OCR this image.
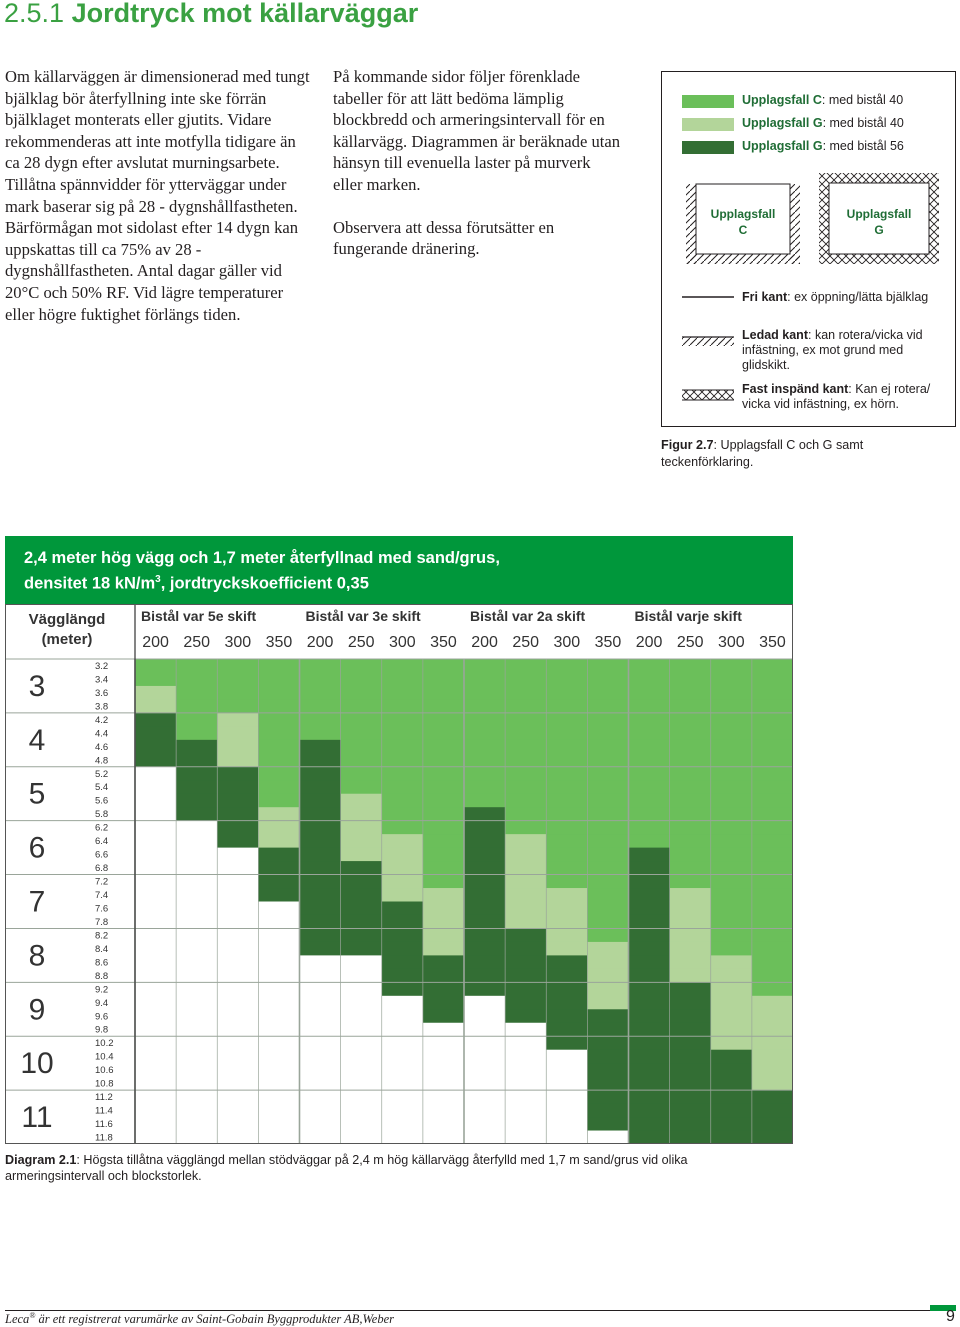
2.5.1 Jordtryck mot källarväggar

Om källarväggen är dimensionerad med tungt bjälklag bör återfyllning inte ske förrän bjälklaget monterats eller gjutits. Vidare rekommenderas att inte motfylla tidigare än ca 28 dygn efter avslutat murningsarbete. Tillåtna spännvidder för ytterväggar under mark baserar sig på 28 - dygnshållfastheten. Bärförmågan mot sidolast efter 14 dygn kan uppskattas till ca 75% av 28 - dygnshållfastheten. Antal dagar gäller vid 20°C och 50% RF. Vid lägre temperaturer eller högre fuktighet förlängs tiden.

På kommande sidor följer förenklade tabeller för att lätt bedöma lämplig blockbredd och armeringsintervall för en källarvägg. Diagrammen är beräknade utan hänsyn till evenuella laster på murverk eller marken.

Observera att dessa förutsätter en fungerande dränering.

Upplagsfall C: med bistål 40
Upplagsfall G: med bistål 40
Upplagsfall G: med bistål 56
Upplagsfall
C
Upplagsfall
G
Fri kant: ex öppning/lätta bjälklag
Ledad kant: kan rotera/vicka vid infästning, ex mot grund med glidskikt.
Fast inspänd kant: Kan ej rotera/ vicka vid infästning, ex hörn.
Figur 2.7: Upplagsfall C och G samt teckenförklaring.
2,4 meter hög vägg och 1,7 meter återfyllnad med sand/grus,
densitet 18 $kN/m^3$, jordtryckskoefficient 0,35
Vägglängd
(meter)
Bistål var 5e skift
200 250 300 350
Bistål var 3e skift
200 250 300 350
Bistål var 2a skift
200 250 300 350
Bistål varje skift
200 250 300 350
3
4
5
6
7
8
9
10
11
3.2
3.4
3.6
3.8
4.2
4.4
4.6
4.8
5.2
5.4
5.6
5.8
6.2
6.4
6.6
6.8
7.2
7.4
7.6
7.8
8.2
8.4
8.6
8.8
9.2
9.4
9.6
9.8
10.2
10.4
10.6
10.8
11.2
11.4
11.6
11.8
Diagram 2.1: Högsta tillåtna vägglängd mellan stödväggar på 2,4 m hög källarvägg återfylld med 1,7 m sand/grus vid olika armeringsintervall och blockstorlek.
Leca® är ett registrerat varumärke av Saint-Gobain Byggprodukter AB,Weber	9
